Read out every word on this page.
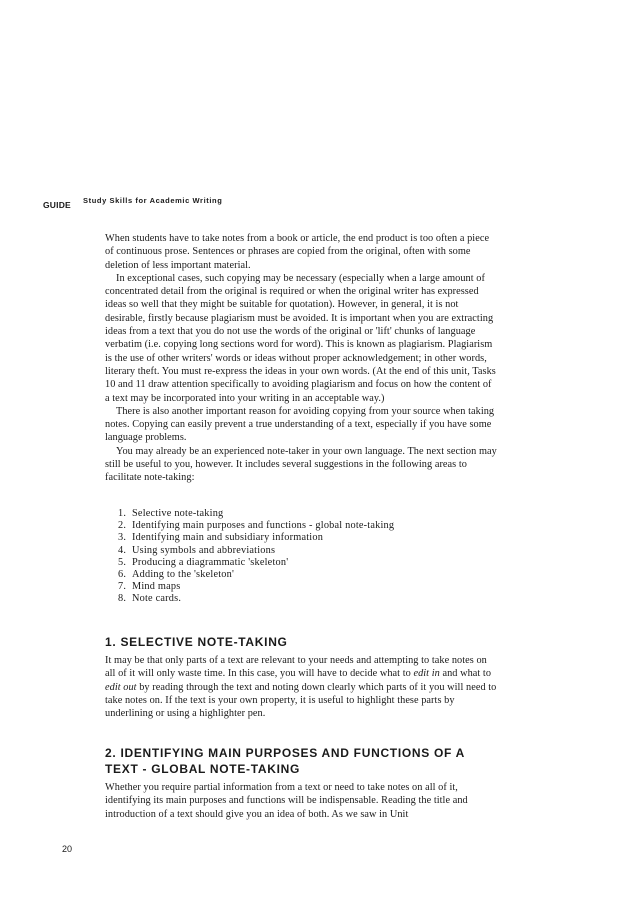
GUIDE Study Skills for Academic Writing

When students have to take notes from a book or article, the end product is too often a piece of continuous prose. Sentences or phrases are copied from the original, often with some deletion of less important material.

In exceptional cases, such copying may be necessary (especially when a large amount of concentrated detail from the original is required or when the original writer has expressed ideas so well that they might be suitable for quotation). However, in general, it is not desirable, firstly because plagiarism must be avoided. It is important when you are extracting ideas from a text that you do not use the words of the original or 'lift' chunks of language verbatim (i.e. copying long sections word for word). This is known as plagiarism. Plagiarism is the use of other writers' words or ideas without proper acknowledgement; in other words, literary theft. You must re-express the ideas in your own words. (At the end of this unit, Tasks 10 and 11 draw attention specifically to avoiding plagiarism and focus on how the content of a text may be incorporated into your writing in an acceptable way.)

There is also another important reason for avoiding copying from your source when taking notes. Copying can easily prevent a true understanding of a text, especially if you have some language problems.

You may already be an experienced note-taker in your own language. The next section may still be useful to you, however. It includes several suggestions in the following areas to facilitate note-taking:

1. Selective note-taking
2. Identifying main purposes and functions - global note-taking
3. Identifying main and subsidiary information
4. Using symbols and abbreviations
5. Producing a diagrammatic 'skeleton'
6. Adding to the 'skeleton'
7. Mind maps
8. Note cards.
1. SELECTIVE NOTE-TAKING

It may be that only parts of a text are relevant to your needs and attempting to take notes on all of it will only waste time. In this case, you will have to decide what to edit in and what to edit out by reading through the text and noting down clearly which parts of it you will need to take notes on. If the text is your own property, it is useful to highlight these parts by underlining or using a highlighter pen.

2. IDENTIFYING MAIN PURPOSES AND FUNCTIONS OF A TEXT - GLOBAL NOTE-TAKING

Whether you require partial information from a text or need to take notes on all of it, identifying its main purposes and functions will be indispensable. Reading the title and introduction of a text should give you an idea of both. As we saw in Unit

20
